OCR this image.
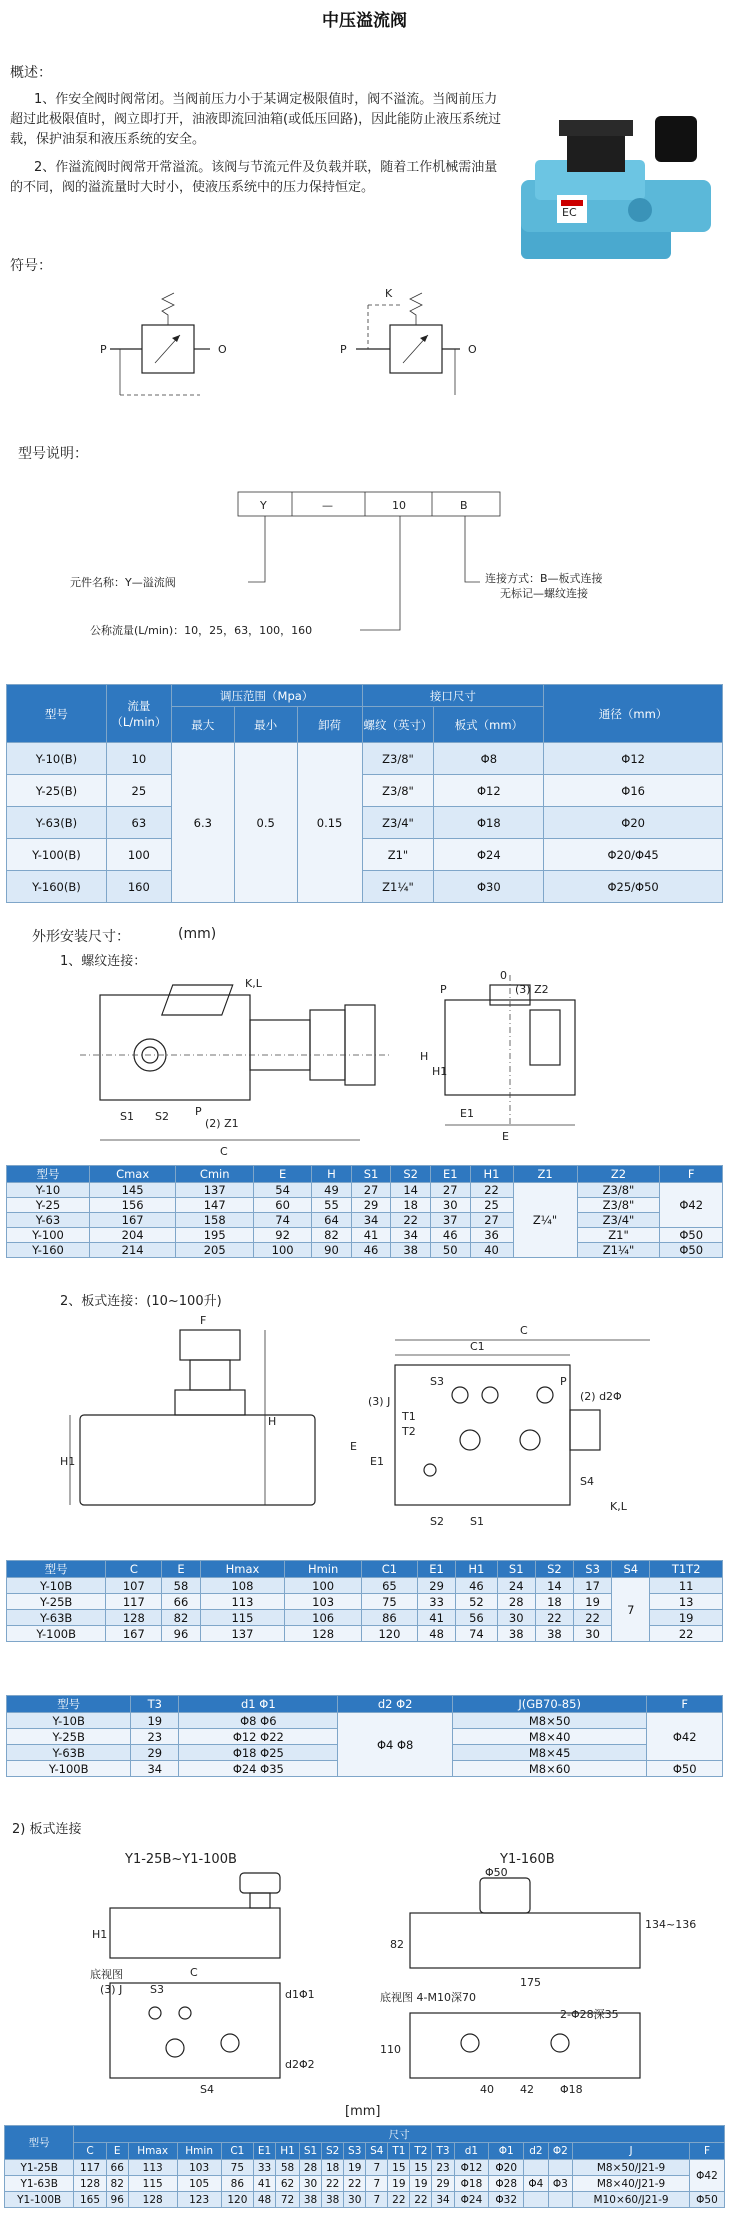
中压溢流阀
概述：
1、作安全阀时阀常闭。当阀前压力小于某调定极限值时，阀不溢流。当阀前压力超过此极限值时，阀立即打开，油液即流回油箱(或低压回路)，因此能防止液压系统过载，保护油泵和液压系统的安全。
2、作溢流阀时阀常开常溢流。该阀与节流元件及负载并联，随着工作机械需油量的不同，阀的溢流量时大时小，使液压系统中的压力保持恒定。
EC
符号：
P	O
K
P	O
型号说明：
Y	—	10	B
元件名称：Y—溢流阀	连接方式：B—板式连接
无标记—螺纹连接
公称流量(L/min)：10，25，63，100，160
型号	流量（L/min）	调压范围（Mpa）			接口尺寸		通径（mm）
		最大	最小	卸荷	螺纹（英寸）	板式（mm）	
Y-10(B)	10	6.3	0.5	0.15	Z3/8"	Φ8	Φ12
Y-25(B)	25				Z3/8"	Φ12	Φ16
Y-63(B)	63				Z3/4"	Φ18	Φ20
Y-100(B)	100				Z1"	Φ24	Φ20/Φ45
Y-160(B)	160				Z1¼"	Φ30	Φ25/Φ50
外形安装尺寸：	(mm)
1、螺纹连接：
C
S1 S2 P
(2) Z1
K,L
E
E1
H
H1
P
0
(3) Z2
型号	Cmax	Cmin	E	H	S1	S2	E1	H1	Z1	Z2	F
Y-10	145	137	54	49	27	14	27	22	Z¼"	Z3/8"	Φ42
Y-25	156	147	60	55	29	18	30	25		Z3/8"	
Y-63	167	158	74	64	34	22	37	27		Z3/4"	
Y-100	204	195	92	82	41	34	46	36		Z1"	Φ50
Y-160	214	205	100	90	46	38	50	40		Z1¼"	Φ50
2、板式连接：(10~100升)
H1
H
F
C
C1
(3) J
S3	P
(2) d2Φ
S4
K,L
S2 S1
E
E1
T1
T2
型号	C	E	Hmax	Hmin	C1	E1	H1	S1	S2	S3	S4	T1T2
Y-10B	107	58	108	100	65	29	46	24	14	17	7	11
Y-25B	117	66	113	103	75	33	52	28	18	19		13
Y-63B	128	82	115	106	86	41	56	30	22	22		19
Y-100B	167	96	137	128	120	48	74	38	38	30		22
型号	T3	d1 Φ1	d2 Φ2	J(GB70-85)	F
Y-10B	19	Φ8 Φ6	Φ4 Φ8	M8×50	Φ42
Y-25B	23	Φ12 Φ22		M8×40	
Y-63B	29	Φ18 Φ25		M8×45	
Y-100B	34	Φ24 Φ35		M8×60	Φ50
2) 板式连接
Y1-25B~Y1-100B	Y1-160B
H1
底视图
(3) J
C
S3	d1Φ1
d2Φ2
S4
Φ50
134~136
82
175
底视图 4-M10深70
2-Φ28深35
110
40 42 Φ18
[mm]
型号	尺寸																			
	C	E	Hmax	Hmin	C1	E1	H1	S1	S2	S3	S4	T1	T2	T3	d1	Φ1	d2	Φ2	J	F
Y1-25B	117	66	113	103	75	33	58	28	18	19	7	15	15	23	Φ12	Φ20			M8×50/J21-9	Φ42
Y1-63B	128	82	115	105	86	41	62	30	22	22	7	19	19	29	Φ18	Φ28	Φ4	Φ3	M8×40/J21-9	
Y1-100B	165	96	128	123	120	48	72	38	38	30	7	22	22	34	Φ24	Φ32			M10×60/J21-9	Φ50
